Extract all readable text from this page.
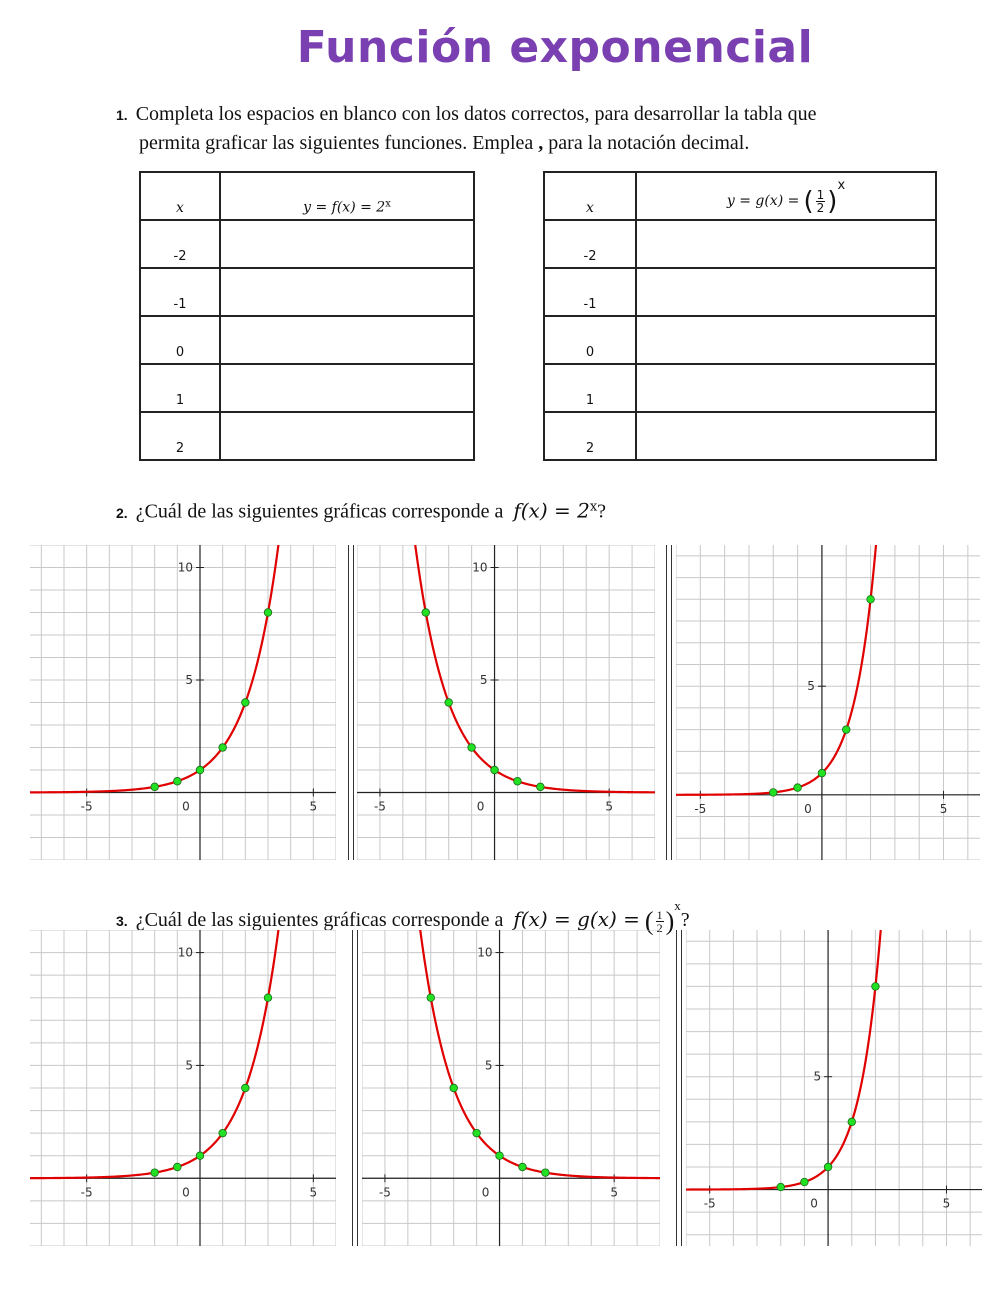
Función exponencial
1. Completa los espacios en blanco con los datos correctos, para desarrollar la tabla que
permita graficar las siguientes funciones. Emplea , para la notación decimal.
x	$y = f(x) = 2^x$
-2	
-1	
0	
1	
2	
x	y = g(x) = ( $\frac{1}{2} )^x$
-2	
-1	
0	
1	
2	
2. ¿Cuál de las siguientes gráficas corresponde a $f(x) = 2^x$?
-5	0	5
5
10
-5	0	5
5
10
-5	0	5
5
3. ¿Cuál de las siguientes gráficas corresponde a f(x) = g(x) = ( $\frac{1}{2} )^x$?
-5	0	5
5
10
-5	0	5
5
10
-5	0	5
5
